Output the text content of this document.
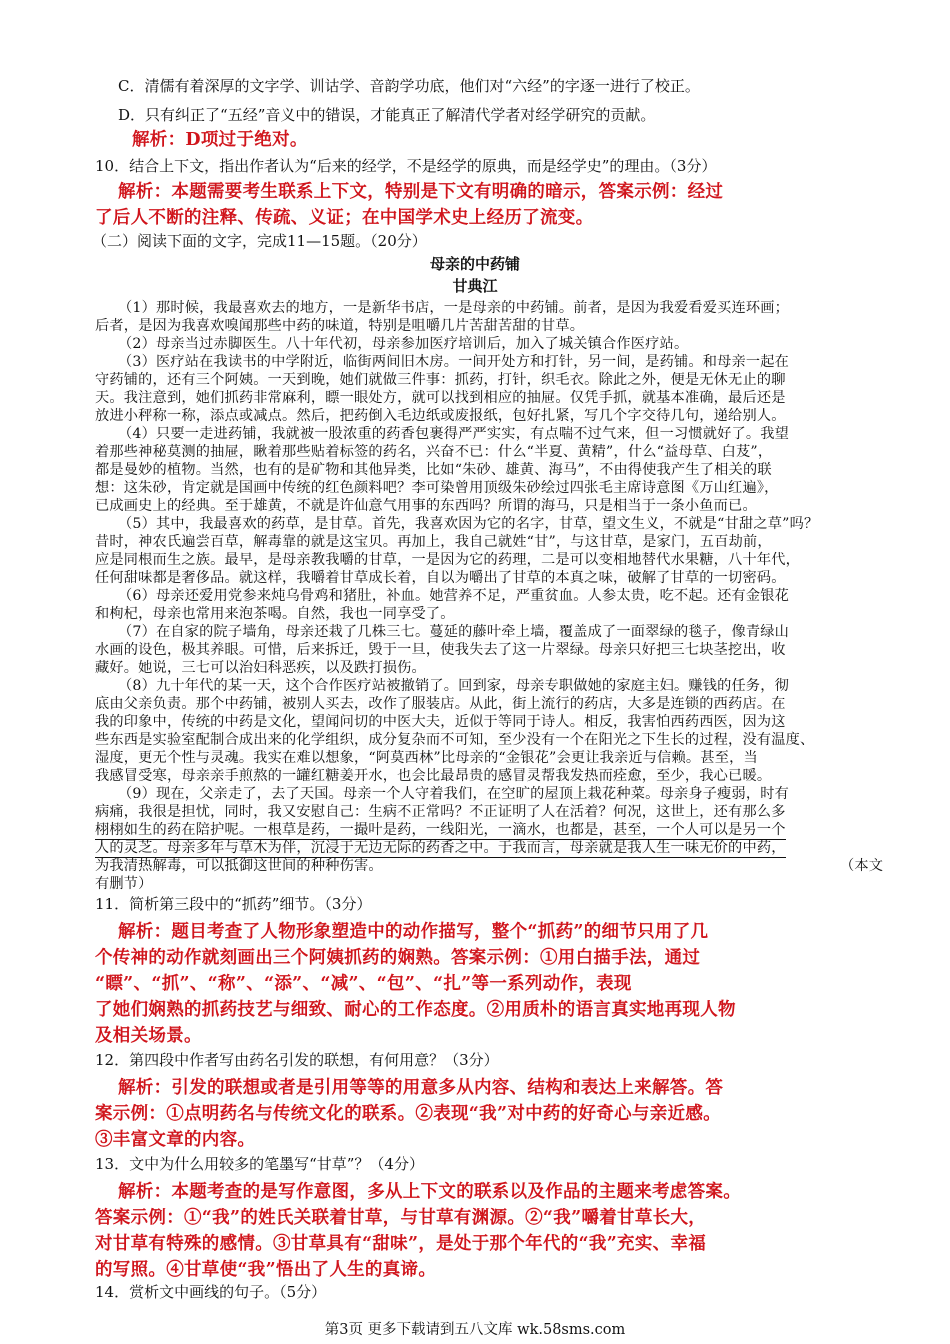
C．清儒有着深厚的文字学、训诂学、音韵学功底，他们对“六经”的字逐一进行了校正。
D．只有纠正了“五经”音义中的错误，才能真正了解清代学者对经学研究的贡献。
解析：D项过于绝对。
10．结合上下文，指出作者认为“后来的经学，不是经学的原典，而是经学史”的理由。（3分）
解析：本题需要考生联系上下文，特别是下文有明确的暗示，答案示例：经过
了后人不断的注释、传疏、义证；在中国学术史上经历了流变。
（二）阅读下面的文字，完成11—15题。（20分）
母亲的中药铺
甘典江
（1）那时候，我最喜欢去的地方，一是新华书店，一是母亲的中药铺。前者，是因为我爱看爱买连环画；
后者，是因为我喜欢嗅闻那些中药的味道，特别是咀嚼几片苦甜苦甜的甘草。
（2）母亲当过赤脚医生。八十年代初，母亲参加医疗培训后，加入了城关镇合作医疗站。
（3）医疗站在我读书的中学附近，临街两间旧木房。一间开处方和打针，另一间，是药铺。和母亲一起在
守药铺的，还有三个阿姨。一天到晚，她们就做三件事：抓药，打针，织毛衣。除此之外，便是无休无止的聊
天。我注意到，她们抓药非常麻利，瞟一眼处方，就可以找到相应的抽屉。仅凭手抓，就基本准确，最后还是
放进小秤称一称，添点或减点。然后，把药倒入毛边纸或废报纸，包好扎紧，写几个字交待几句，递给别人。
（4）只要一走进药铺，我就被一股浓重的药香包裹得严严实实，有点喘不过气来，但一习惯就好了。我望
着那些神秘莫测的抽屉，瞅着那些贴着标签的药名，兴奋不已：什么“半夏、黄精”，什么“益母草、白芨”，
都是曼妙的植物。当然，也有的是矿物和其他异类，比如“朱砂、雄黄、海马”，不由得使我产生了相关的联
想：这朱砂，肯定就是国画中传统的红色颜料吧？李可染曾用顶级朱砂绘过四张毛主席诗意图《万山红遍》，
已成画史上的经典。至于雄黄，不就是许仙意气用事的东西吗？所谓的海马，只是相当于一条小鱼而已。
（5）其中，我最喜欢的药草，是甘草。首先，我喜欢因为它的名字，甘草，望文生义，不就是“甘甜之草”吗？
昔时，神农氏遍尝百草，解毒靠的就是这宝贝。再加上，我自己就姓“甘”，与这甘草，是家门，五百劫前，
应是同根而生之族。最早，是母亲教我嚼的甘草，一是因为它的药理，二是可以变相地替代水果糖，八十年代，
任何甜味都是奢侈品。就这样，我嚼着甘草成长着，自以为嚼出了甘草的本真之味，破解了甘草的一切密码。
（6）母亲还爱用党参来炖乌骨鸡和猪肚，补血。她营养不足，严重贫血。人参太贵，吃不起。还有金银花
和枸杞，母亲也常用来泡茶喝。自然，我也一同享受了。
（7）在自家的院子墙角，母亲还栽了几株三七。蔓延的藤叶牵上墙，覆盖成了一面翠绿的毯子，像青绿山
水画的设色，极其养眼。可惜，后来拆迁，毁于一旦，使我失去了这一片翠绿。母亲只好把三七块茎挖出，收
藏好。她说，三七可以治妇科恶疾，以及跌打损伤。
（8）九十年代的某一天，这个合作医疗站被撤销了。回到家，母亲专职做她的家庭主妇。赚钱的任务，彻
底由父亲负责。那个中药铺，被别人买去，改作了服装店。从此，街上流行的药店，大多是连锁的西药店。在
我的印象中，传统的中药是文化，望闻问切的中医大夫，近似于等同于诗人。相反，我害怕西药西医，因为这
些东西是实验室配制合成出来的化学组织，成分复杂而不可知，至少没有一个在阳光之下生长的过程，没有温度、
湿度，更无个性与灵魂。我实在难以想象，“阿莫西林”比母亲的“金银花”会更让我亲近与信赖。甚至，当
我感冒受寒，母亲亲手煎熬的一罐红糖姜开水，也会比最昂贵的感冒灵帮我发热而痊愈，至少，我心已暖。
（9）现在，父亲走了，去了天国。母亲一个人守着我们，在空旷的屋顶上栽花种菜。母亲身子瘦弱，时有
病痛，我很是担忧，同时，我又安慰自己：生病不正常吗？不正证明了人在活着？何况，这世上，还有那么多
栩栩如生的药在陪护呢。一根草是药，一撮叶是药，一线阳光，一滴水，也都是，甚至，一个人可以是另一个
人的灵芝。母亲多年与草木为伴，沉浸于无边无际的药香之中。于我而言，母亲就是我人生一味无价的中药，
为我清热解毒，可以抵御这世间的种种伤害。	（本文
有删节）
11．简析第三段中的“抓药”细节。（3分）
解析：题目考查了人物形象塑造中的动作描写，整个“抓药”的细节只用了几
个传神的动作就刻画出三个阿姨抓药的娴熟。答案示例：①用白描手法，通过
“瞟”、“抓”、“称”、“添”、“减”、“包”、“扎”等一系列动作，表现
了她们娴熟的抓药技艺与细致、耐心的工作态度。②用质朴的语言真实地再现人物
及相关场景。
12．第四段中作者写由药名引发的联想，有何用意？（3分）
解析：引发的联想或者是引用等等的用意多从内容、结构和表达上来解答。答
案示例：①点明药名与传统文化的联系。②表现“我”对中药的好奇心与亲近感。
③丰富文章的内容。
13．文中为什么用较多的笔墨写“甘草”？（4分）
解析：本题考查的是写作意图，多从上下文的联系以及作品的主题来考虑答案。
答案示例：①“我”的姓氏关联着甘草，与甘草有渊源。②“我”嚼着甘草长大，
对甘草有特殊的感情。③甘草具有“甜味”，是处于那个年代的“我”充实、幸福
的写照。④甘草使“我”悟出了人生的真谛。
14．赏析文中画线的句子。（5分）
第3页 更多下载请到五八文库 wk.58sms.com
